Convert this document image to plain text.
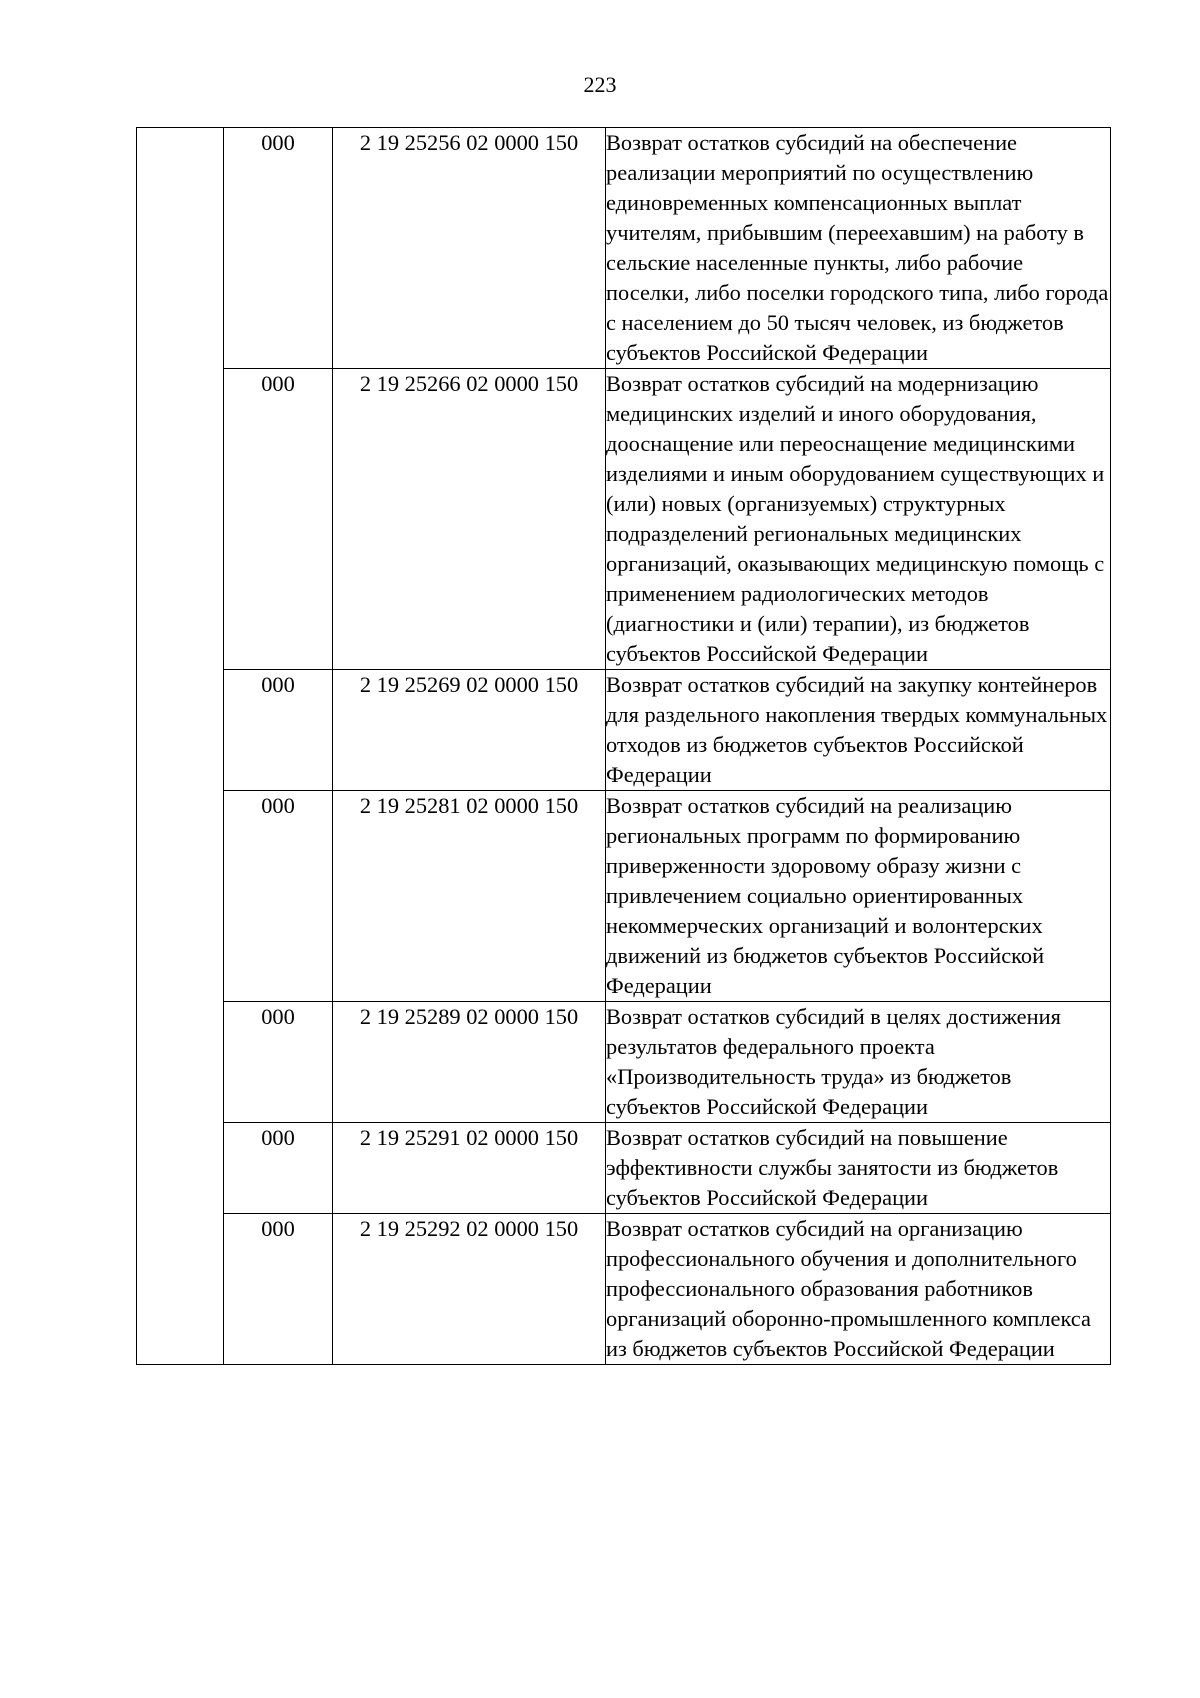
223
	000	2 19 25256 02 0000 150	Возврат остатков субсидий на обеспечение реализации мероприятий по осуществлению единовременных компенсационных выплат учителям, прибывшим (переехавшим) на работу в сельские населенные пункты, либо рабочие поселки, либо поселки городского типа, либо города с населением до 50 тысяч человек, из бюджетов субъектов Российской Федерации
	000	2 19 25266 02 0000 150	Возврат остатков субсидий на модернизацию медицинских изделий и иного оборудования, дооснащение или переоснащение медицинскими изделиями и иным оборудованием существующих и (или) новых (организуемых) структурных подразделений региональных медицинских организаций, оказывающих медицинскую помощь с применением радиологических методов (диагностики и (или) терапии), из бюджетов субъектов Российской Федерации
	000	2 19 25269 02 0000 150	Возврат остатков субсидий на закупку контейнеров для раздельного накопления твердых коммунальных отходов из бюджетов субъектов Российской Федерации
	000	2 19 25281 02 0000 150	Возврат остатков субсидий на реализацию региональных программ по формированию приверженности здоровому образу жизни с привлечением социально ориентированных некоммерческих организаций и волонтерских движений из бюджетов субъектов Российской Федерации
	000	2 19 25289 02 0000 150	Возврат остатков субсидий в целях достижения результатов федерального проекта «Производительность труда» из бюджетов субъектов Российской Федерации
	000	2 19 25291 02 0000 150	Возврат остатков субсидий на повышение эффективности службы занятости из бюджетов субъектов Российской Федерации
	000	2 19 25292 02 0000 150	Возврат остатков субсидий на организацию профессионального обучения и дополнительного профессионального образования работников организаций оборонно-промышленного комплекса из бюджетов субъектов Российской Федерации
